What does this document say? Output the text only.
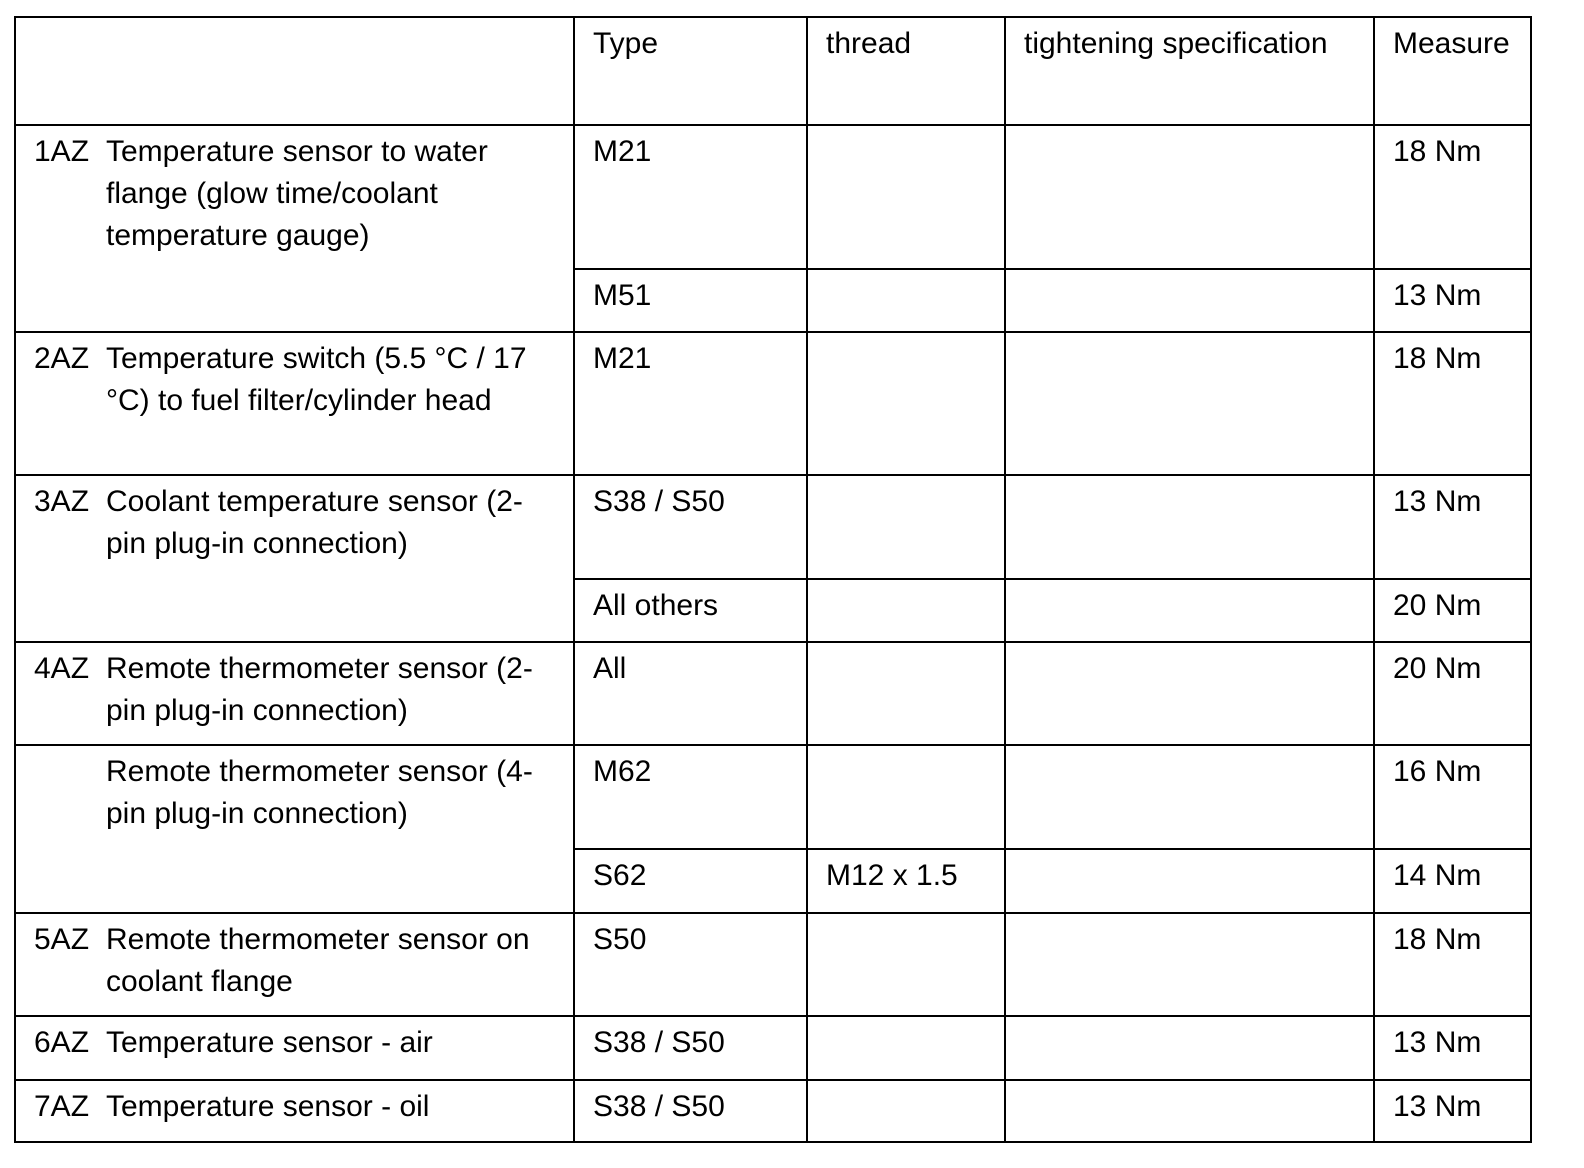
	Type	thread	tightening specification	Measure

1AZ Temperature sensor to water flange (glow time/coolant temperature gauge)	M21			18 Nm
	M51			13 Nm

2AZ Temperature switch (5.5 °C / 17 °C) to fuel filter/cylinder head	M21			18 Nm

3AZ Coolant temperature sensor (2-pin plug-in connection)	S38 / S50			13 Nm
	All others			20 Nm

4AZ Remote thermometer sensor (2-pin plug-in connection)	All			20 Nm

Remote thermometer sensor (4-pin plug-in connection)	M62			16 Nm
	S62	M12 x 1.5		14 Nm

5AZ Remote thermometer sensor on coolant flange	S50			18 Nm

6AZ Temperature sensor - air	S38 / S50			13 Nm

7AZ Temperature sensor - oil	S38 / S50			13 Nm
